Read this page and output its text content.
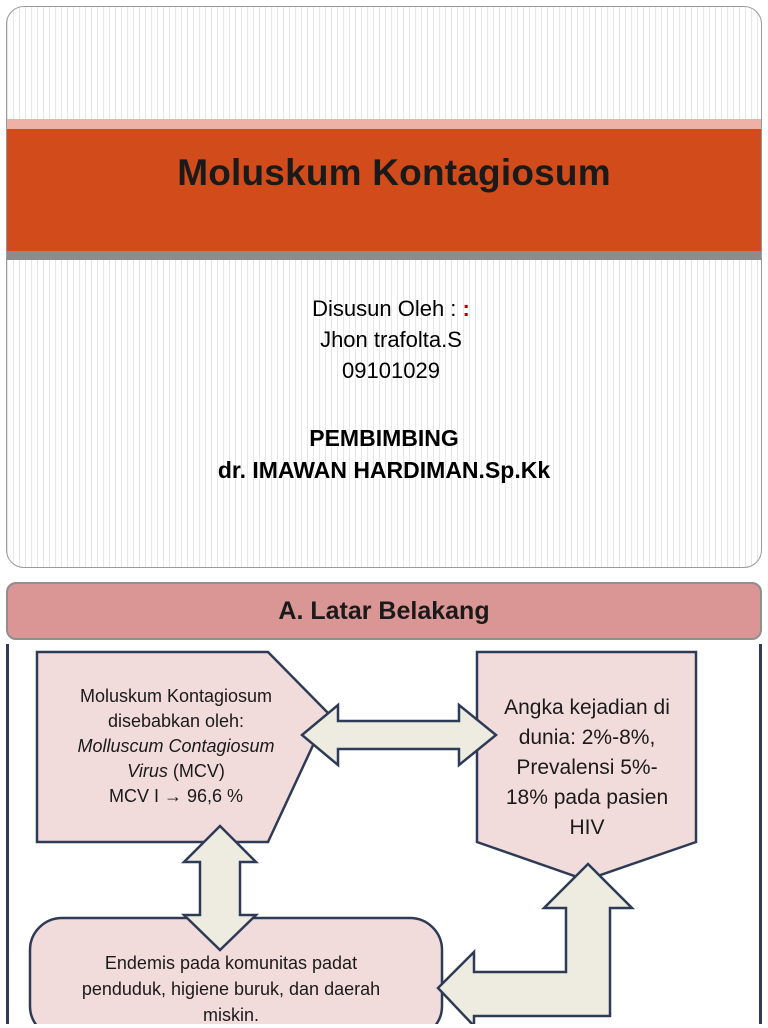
Moluskum Kontagiosum
Disusun Oleh : :
Jhon trafolta.S
09101029
PEMBIMBING
dr. IMAWAN HARDIMAN.Sp.Kk
A. Latar Belakang
Moluskum Kontagiosum
disebabkan oleh:
Molluscum Contagiosum
Virus (MCV)
MCV I → 96,6 %
Angka kejadian di
dunia: 2%-8%,
Prevalensi 5%-
18% pada pasien
HIV
Endemis pada komunitas padat
penduduk, higiene buruk, dan daerah
miskin.
